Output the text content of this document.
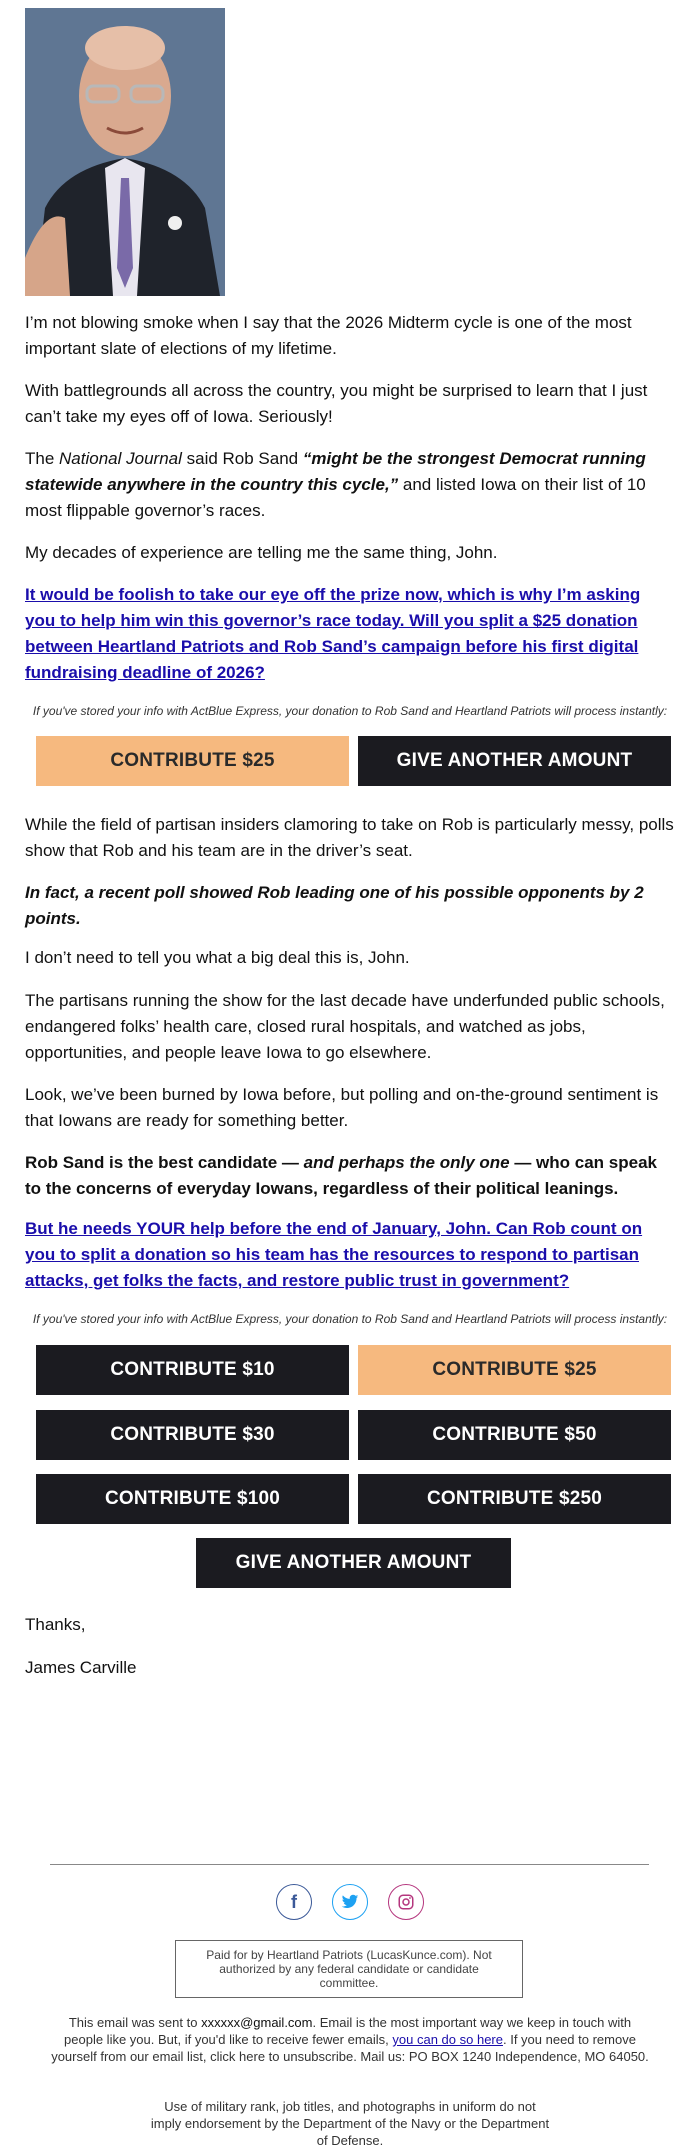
I’m not blowing smoke when I say that the 2026 Midterm cycle is one of the most important slate of elections of my lifetime.

With battlegrounds all across the country, you might be surprised to learn that I just can’t take my eyes off of Iowa. Seriously!

The National Journal said Rob Sand “might be the strongest Democrat running statewide anywhere in the country this cycle,” and listed Iowa on their list of 10 most flippable governor’s races.

My decades of experience are telling me the same thing, John.

It would be foolish to take our eye off the prize now, which is why I’m asking you to help him win this governor’s race today. Will you split a $25 donation between Heartland Patriots and Rob Sand’s campaign before his first digital fundraising deadline of 2026?

If you've stored your info with ActBlue Express, your donation to Rob Sand and Heartland Patriots will process instantly:
CONTRIBUTE $25	GIVE ANOTHER AMOUNT

While the field of partisan insiders clamoring to take on Rob is particularly messy, polls show that Rob and his team are in the driver’s seat.

In fact, a recent poll showed Rob leading one of his possible opponents by 2 points.

I don’t need to tell you what a big deal this is, John.

The partisans running the show for the last decade have underfunded public schools, endangered folks’ health care, closed rural hospitals, and watched as jobs, opportunities, and people leave Iowa to go elsewhere.

Look, we’ve been burned by Iowa before, but polling and on-the-ground sentiment is that Iowans are ready for something better.

Rob Sand is the best candidate — and perhaps the only one — who can speak to the concerns of everyday Iowans, regardless of their political leanings.

But he needs YOUR help before the end of January, John. Can Rob count on you to split a donation so his team has the resources to respond to partisan attacks, get folks the facts, and restore public trust in government?

If you've stored your info with ActBlue Express, your donation to Rob Sand and Heartland Patriots will process instantly:
CONTRIBUTE $10	CONTRIBUTE $25
CONTRIBUTE $30	CONTRIBUTE $50
CONTRIBUTE $100	CONTRIBUTE $250
GIVE ANOTHER AMOUNT

Thanks,

James Carville

f
Paid for by Heartland Patriots (LucasKunce.com). Not authorized by any federal candidate or candidate committee.
This email was sent to xxxxxx@gmail.com. Email is the most important way we keep in touch with people like you. But, if you'd like to receive fewer emails, you can do so here. If you need to remove yourself from our email list, click here to unsubscribe. Mail us: PO BOX 1240 Independence, MO 64050.
Use of military rank, job titles, and photographs in uniform do not imply endorsement by the Department of the Navy or the Department of Defense.
